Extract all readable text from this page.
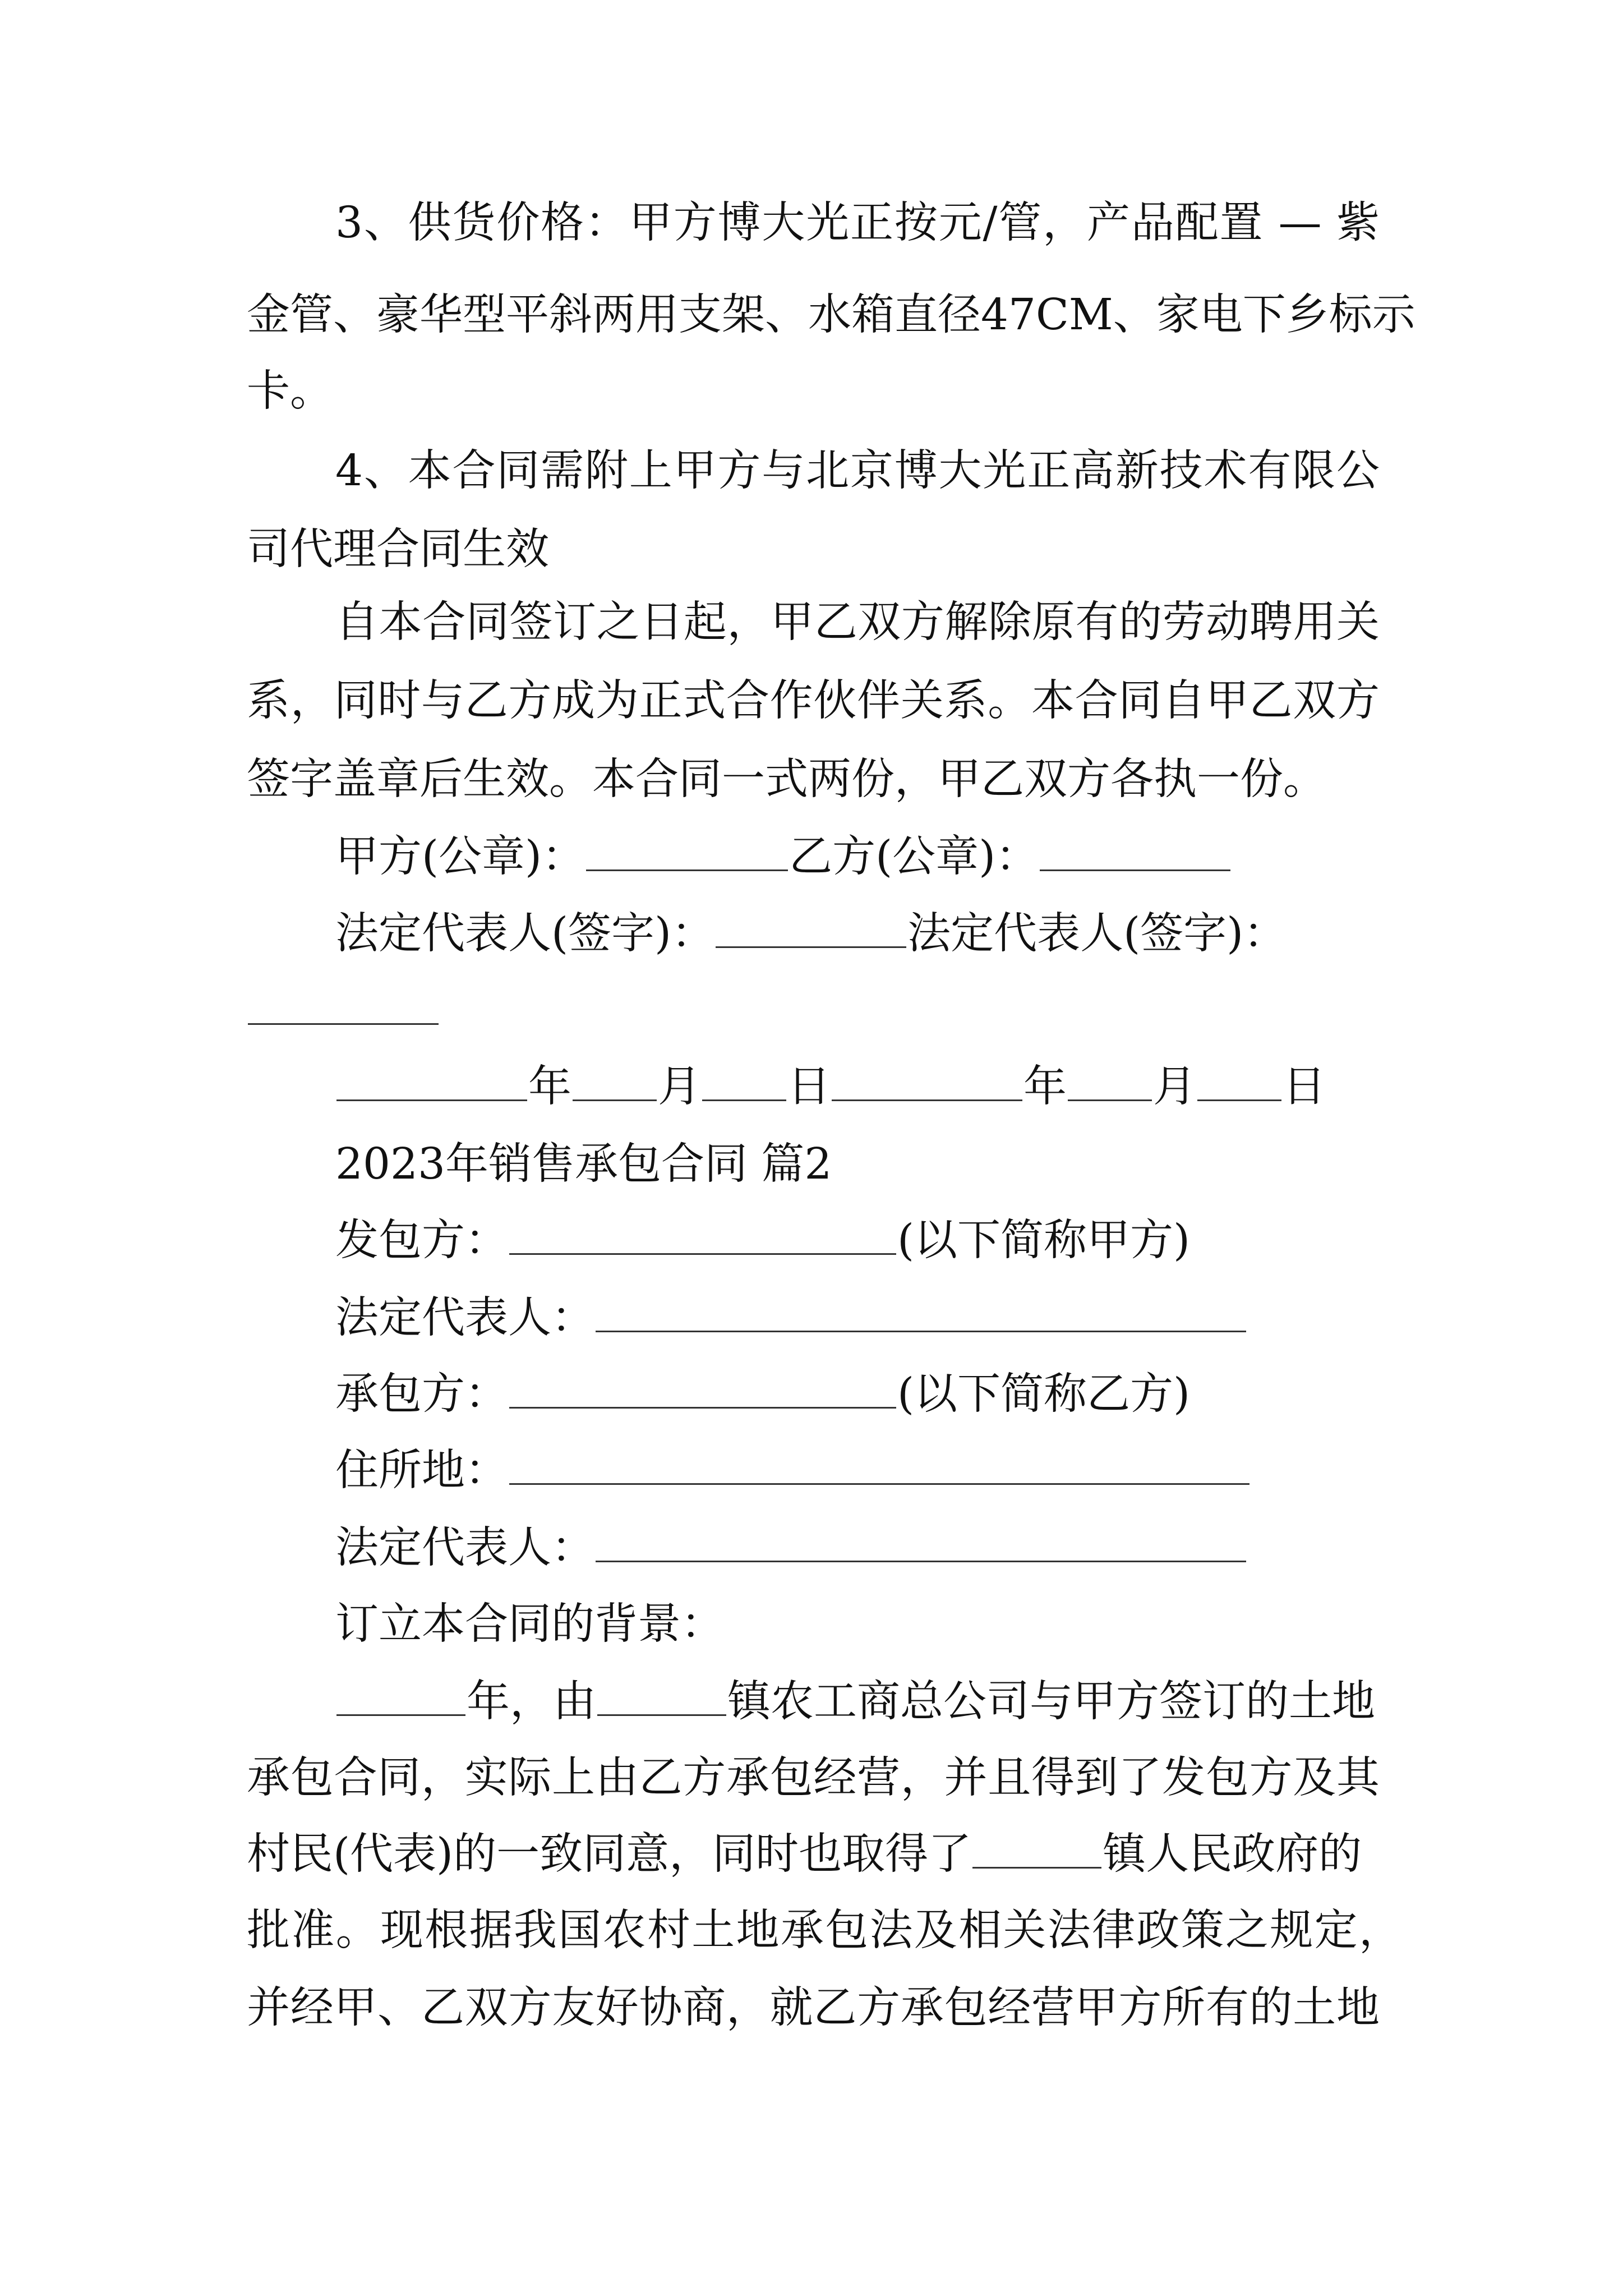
3、供货价格：甲方博大光正按元/管，产品配置 — 紫
金管、豪华型平斜两用支架、水箱直径47CM、家电下乡标示
卡。
4、本合同需附上甲方与北京博大光正高新技术有限公
司代理合同生效
自本合同签订之日起，甲乙双方解除原有的劳动聘用关
系，同时与乙方成为正式合作伙伴关系。本合同自甲乙双方
签字盖章后生效。本合同一式两份，甲乙双方各执一份。
甲方(公章)：	乙方(公章)：
法定代表人(签字)：	法定代表人(签字)：
年 月 日	年 月 日
2023年销售承包合同 篇2
发包方：	(以下简称甲方)
法定代表人：
承包方：	(以下简称乙方)
住所地：
法定代表人：
订立本合同的背景：
年，由	镇农工商总公司与甲方签订的土地
承包合同，实际上由乙方承包经营，并且得到了发包方及其
村民(代表)的一致同意，同时也取得了	镇人民政府的
批准。现根据我国农村土地承包法及相关法律政策之规定，
并经甲、乙双方友好协商，就乙方承包经营甲方所有的土地
